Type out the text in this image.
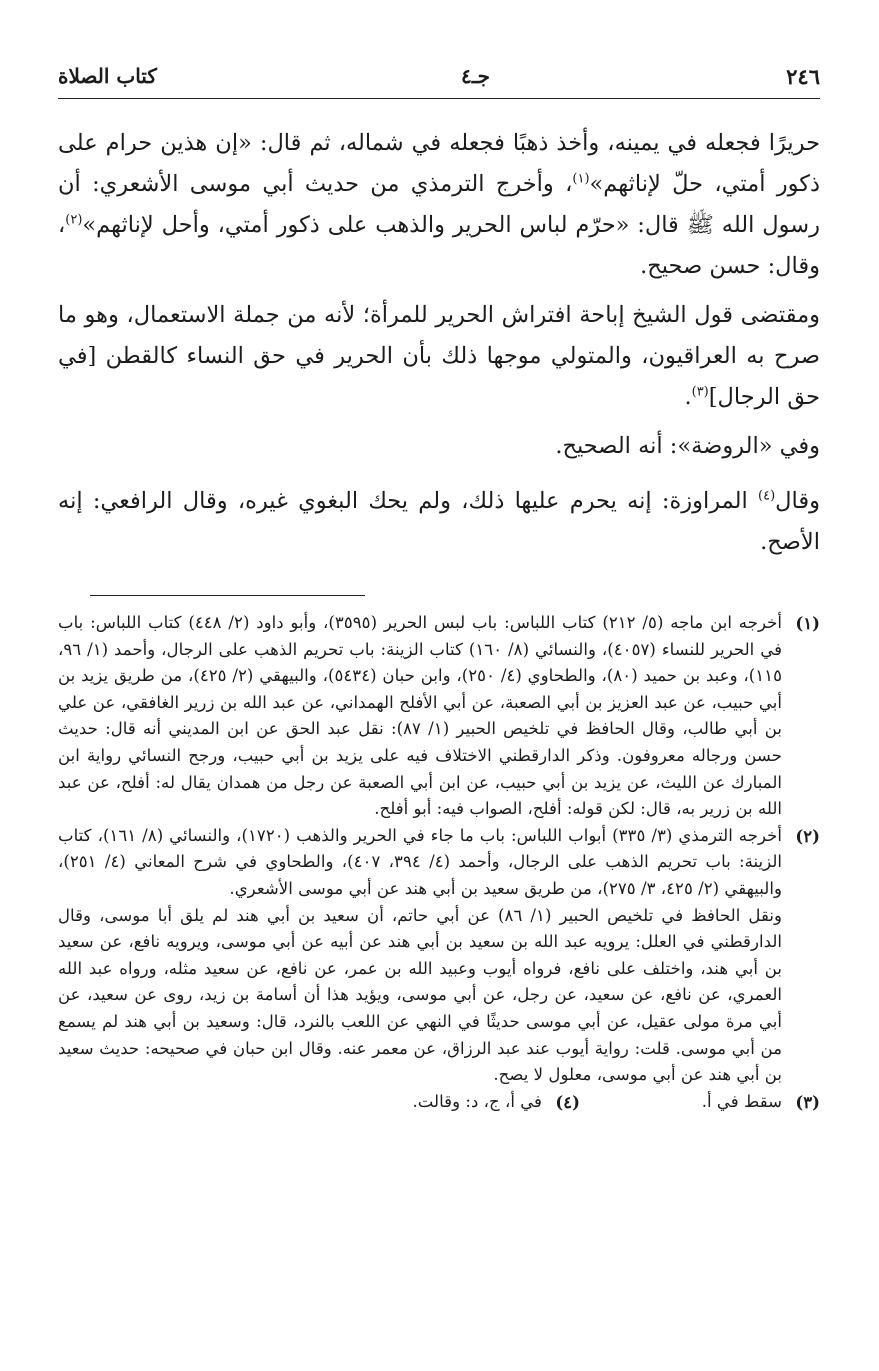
٢٤٦
جـ٤
كتاب الصلاة

حريرًا فجعله في يمينه، وأخذ ذهبًا فجعله في شماله، ثم قال: «إن هذين حرام على ذكور أمتي، حلّ لإناثهم»$^{(١)}$، وأخرج الترمذي من حديث أبي موسى الأشعري: أن رسول الله ﷺ قال: «حرّم لباس الحرير والذهب على ذكور أمتي، وأحل لإناثهم»$^{(٢)}$، وقال: حسن صحيح.

ومقتضى قول الشيخ إباحة افتراش الحرير للمرأة؛ لأنه من جملة الاستعمال، وهو ما صرح به العراقيون، والمتولي موجها ذلك بأن الحرير في حق النساء كالقطن [في حق الرجال]$^{(٣)}$.

وفي «الروضة»: أنه الصحيح.

وقال$^{(٤)}$ المراوزة: إنه يحرم عليها ذلك، ولم يحك البغوي غيره، وقال الرافعي: إنه الأصح.

(١)
أخرجه ابن ماجه (٥/ ٢١٢) كتاب اللباس: باب لبس الحرير (٣٥٩٥)، وأبو داود (٢/ ٤٤٨) كتاب اللباس: باب في الحرير للنساء (٤٠٥٧)، والنسائي (٨/ ١٦٠) كتاب الزينة: باب تحريم الذهب على الرجال، وأحمد (١/ ٩٦، ١١٥)، وعبد بن حميد (٨٠)، والطحاوي (٤/ ٢٥٠)، وابن حبان (٥٤٣٤)، والبيهقي (٢/ ٤٢٥)، من طريق يزيد بن أبي حبيب، عن عبد العزيز بن أبي الصعبة، عن أبي الأفلح الهمداني، عن عبد الله بن زرير الغافقي، عن علي بن أبي طالب، وقال الحافظ في تلخيص الحبير (١/ ٨٧): نقل عبد الحق عن ابن المديني أنه قال: حديث حسن ورجاله معروفون. وذكر الدارقطني الاختلاف فيه على يزيد بن أبي حبيب، ورجح النسائي رواية ابن المبارك عن الليث، عن يزيد بن أبي حبيب، عن ابن أبي الصعبة عن رجل من همدان يقال له: أفلح، عن عبد الله بن زرير به، قال: لكن قوله: أفلح، الصواب فيه: أبو أفلح.
(٢)

أخرجه الترمذي (٣/ ٣٣٥) أبواب اللباس: باب ما جاء في الحرير والذهب (١٧٢٠)، والنسائي (٨/ ١٦١)، كتاب الزينة: باب تحريم الذهب على الرجال، وأحمد (٤/ ٣٩٤، ٤٠٧)، والطحاوي في شرح المعاني (٤/ ٢٥١)، والبيهقي (٢/ ٤٢٥، ٣/ ٢٧٥)، من طريق سعيد بن أبي هند عن أبي موسى الأشعري.

ونقل الحافظ في تلخيص الحبير (١/ ٨٦) عن أبي حاتم، أن سعيد بن أبي هند لم يلق أبا موسى، وقال الدارقطني في العلل: يرويه عبد الله بن سعيد بن أبي هند عن أبيه عن أبي موسى، ويرويه نافع، عن سعيد بن أبي هند، واختلف على نافع، فرواه أيوب وعبيد الله بن عمر، عن نافع، عن سعيد مثله، ورواه عبد الله العمري، عن نافع، عن سعيد، عن رجل، عن أبي موسى، ويؤيد هذا أن أسامة بن زيد، روى عن سعيد، عن أبي مرة مولى عقيل، عن أبي موسى حديثًا في النهي عن اللعب بالنرد، قال: وسعيد بن أبي هند لم يسمع من أبي موسى. قلت: رواية أيوب عند عبد الرزاق، عن معمر عنه. وقال ابن حبان في صحيحه: حديث سعيد بن أبي هند عن أبي موسى، معلول لا يصح.

(٣)
سقط في أ.
(٤)
في أ، ج، د: وقالت.
